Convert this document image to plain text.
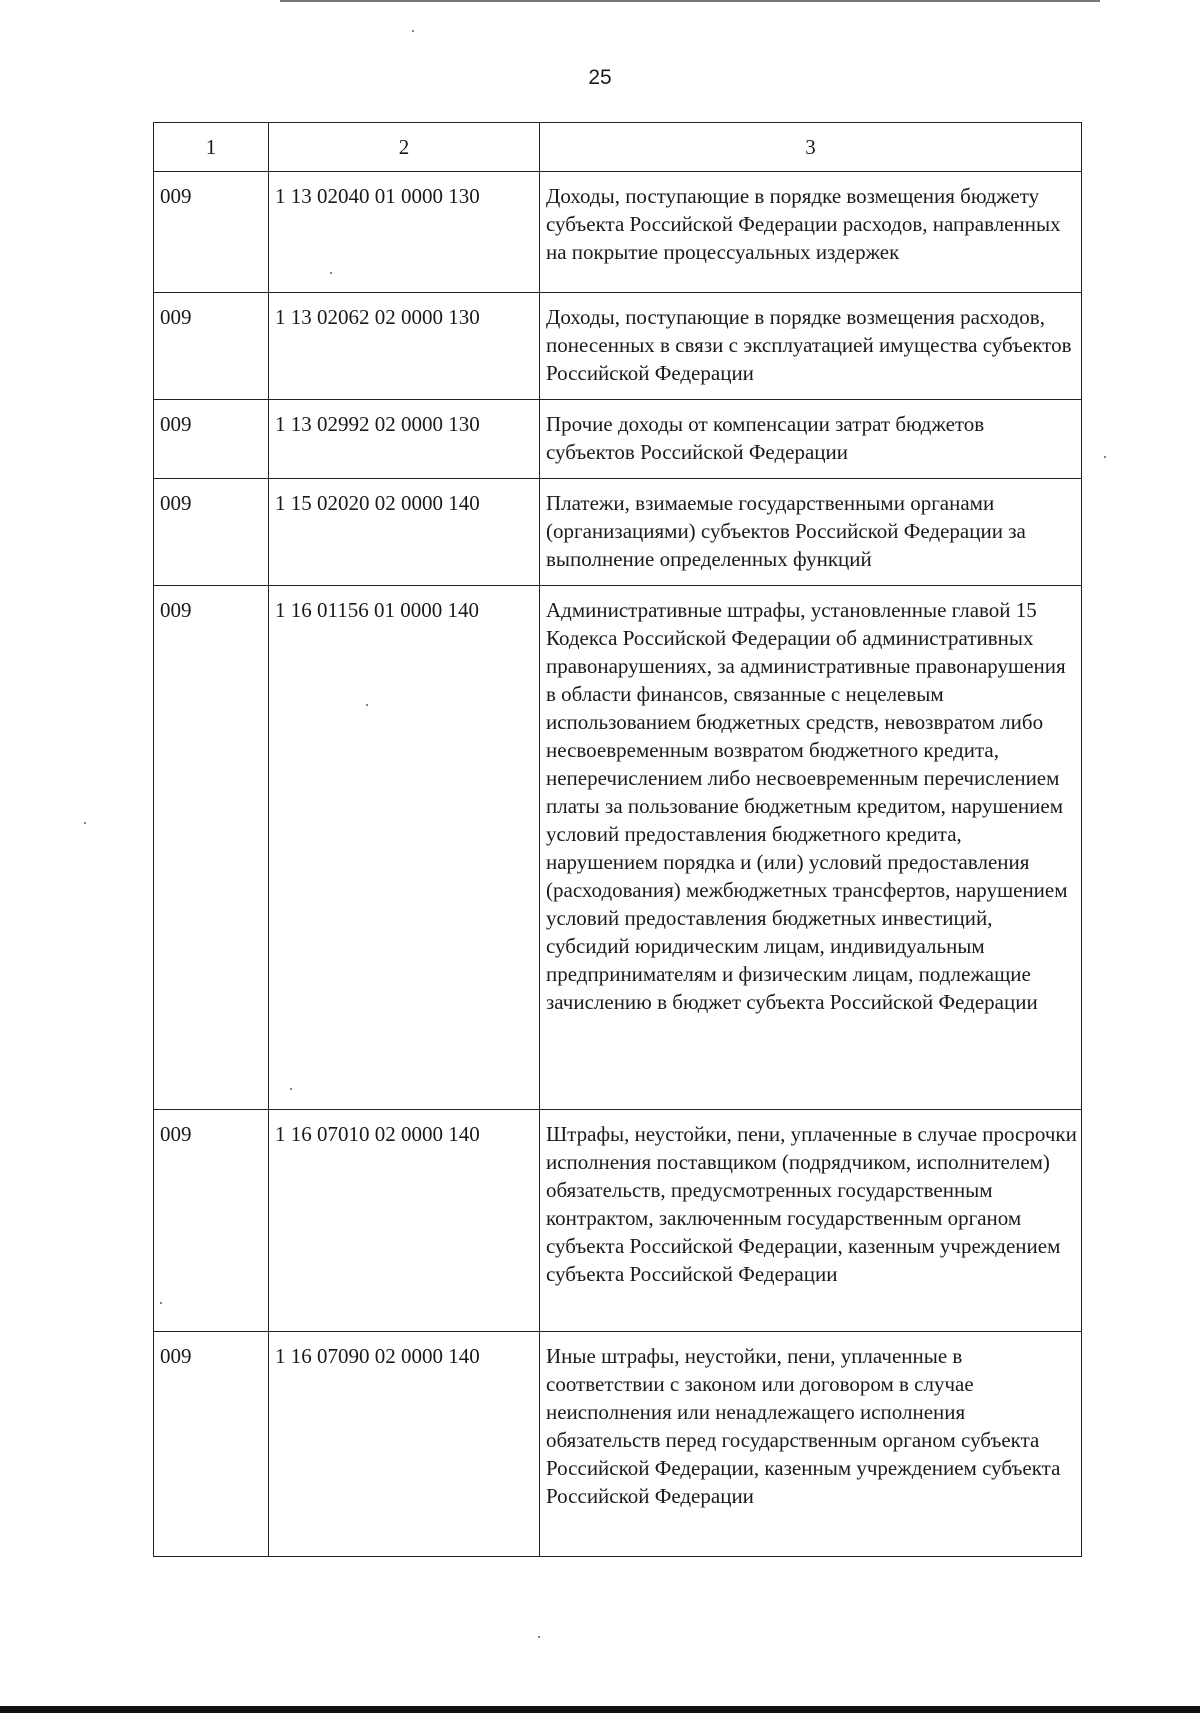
25
1	2	3
009	1 13 02040 01 0000 130	Доходы, поступающие в порядке возмещения бюджету субъекта Российской Федерации расходов, направленных на покрытие процессуальных издержек
009	1 13 02062 02 0000 130	Доходы, поступающие в порядке возмещения расходов, понесенных в связи с эксплуатацией имущества субъектов Российской Федерации
009	1 13 02992 02 0000 130	Прочие доходы от компенсации затрат бюджетов субъектов Российской Федерации
009	1 15 02020 02 0000 140	Платежи, взимаемые государственными органами (организациями) субъектов Российской Федерации за выполнение определенных функций
009	1 16 01156 01 0000 140	Административные штрафы, установленные главой 15 Кодекса Российской Федерации об административных правонарушениях, за административные правонарушения в области финансов, связанные с нецелевым использованием бюджетных средств, невозвратом либо несвоевременным возвратом бюджетного кредита, неперечислением либо несвоевременным перечислением платы за пользование бюджетным кредитом, нарушением условий предоставления бюджетного кредита, нарушением порядка и (или) условий предоставления (расходования) межбюджетных трансфертов, нарушением условий предоставления бюджетных инвестиций, субсидий юридическим лицам, индивидуальным предпринимателям и физическим лицам, подлежащие зачислению в бюджет субъекта Российской Федерации
009	1 16 07010 02 0000 140	Штрафы, неустойки, пени, уплаченные в случае просрочки исполнения поставщиком (подрядчиком, исполнителем) обязательств, предусмотренных государственным контрактом, заключенным государственным органом субъекта Российской Федерации, казенным учреждением субъекта Российской Федерации
009	1 16 07090 02 0000 140	Иные штрафы, неустойки, пени, уплаченные в соответствии с законом или договором в случае неисполнения или ненадлежащего исполнения обязательств перед государственным органом субъекта Российской Федерации, казенным учреждением субъекта Российской Федерации
